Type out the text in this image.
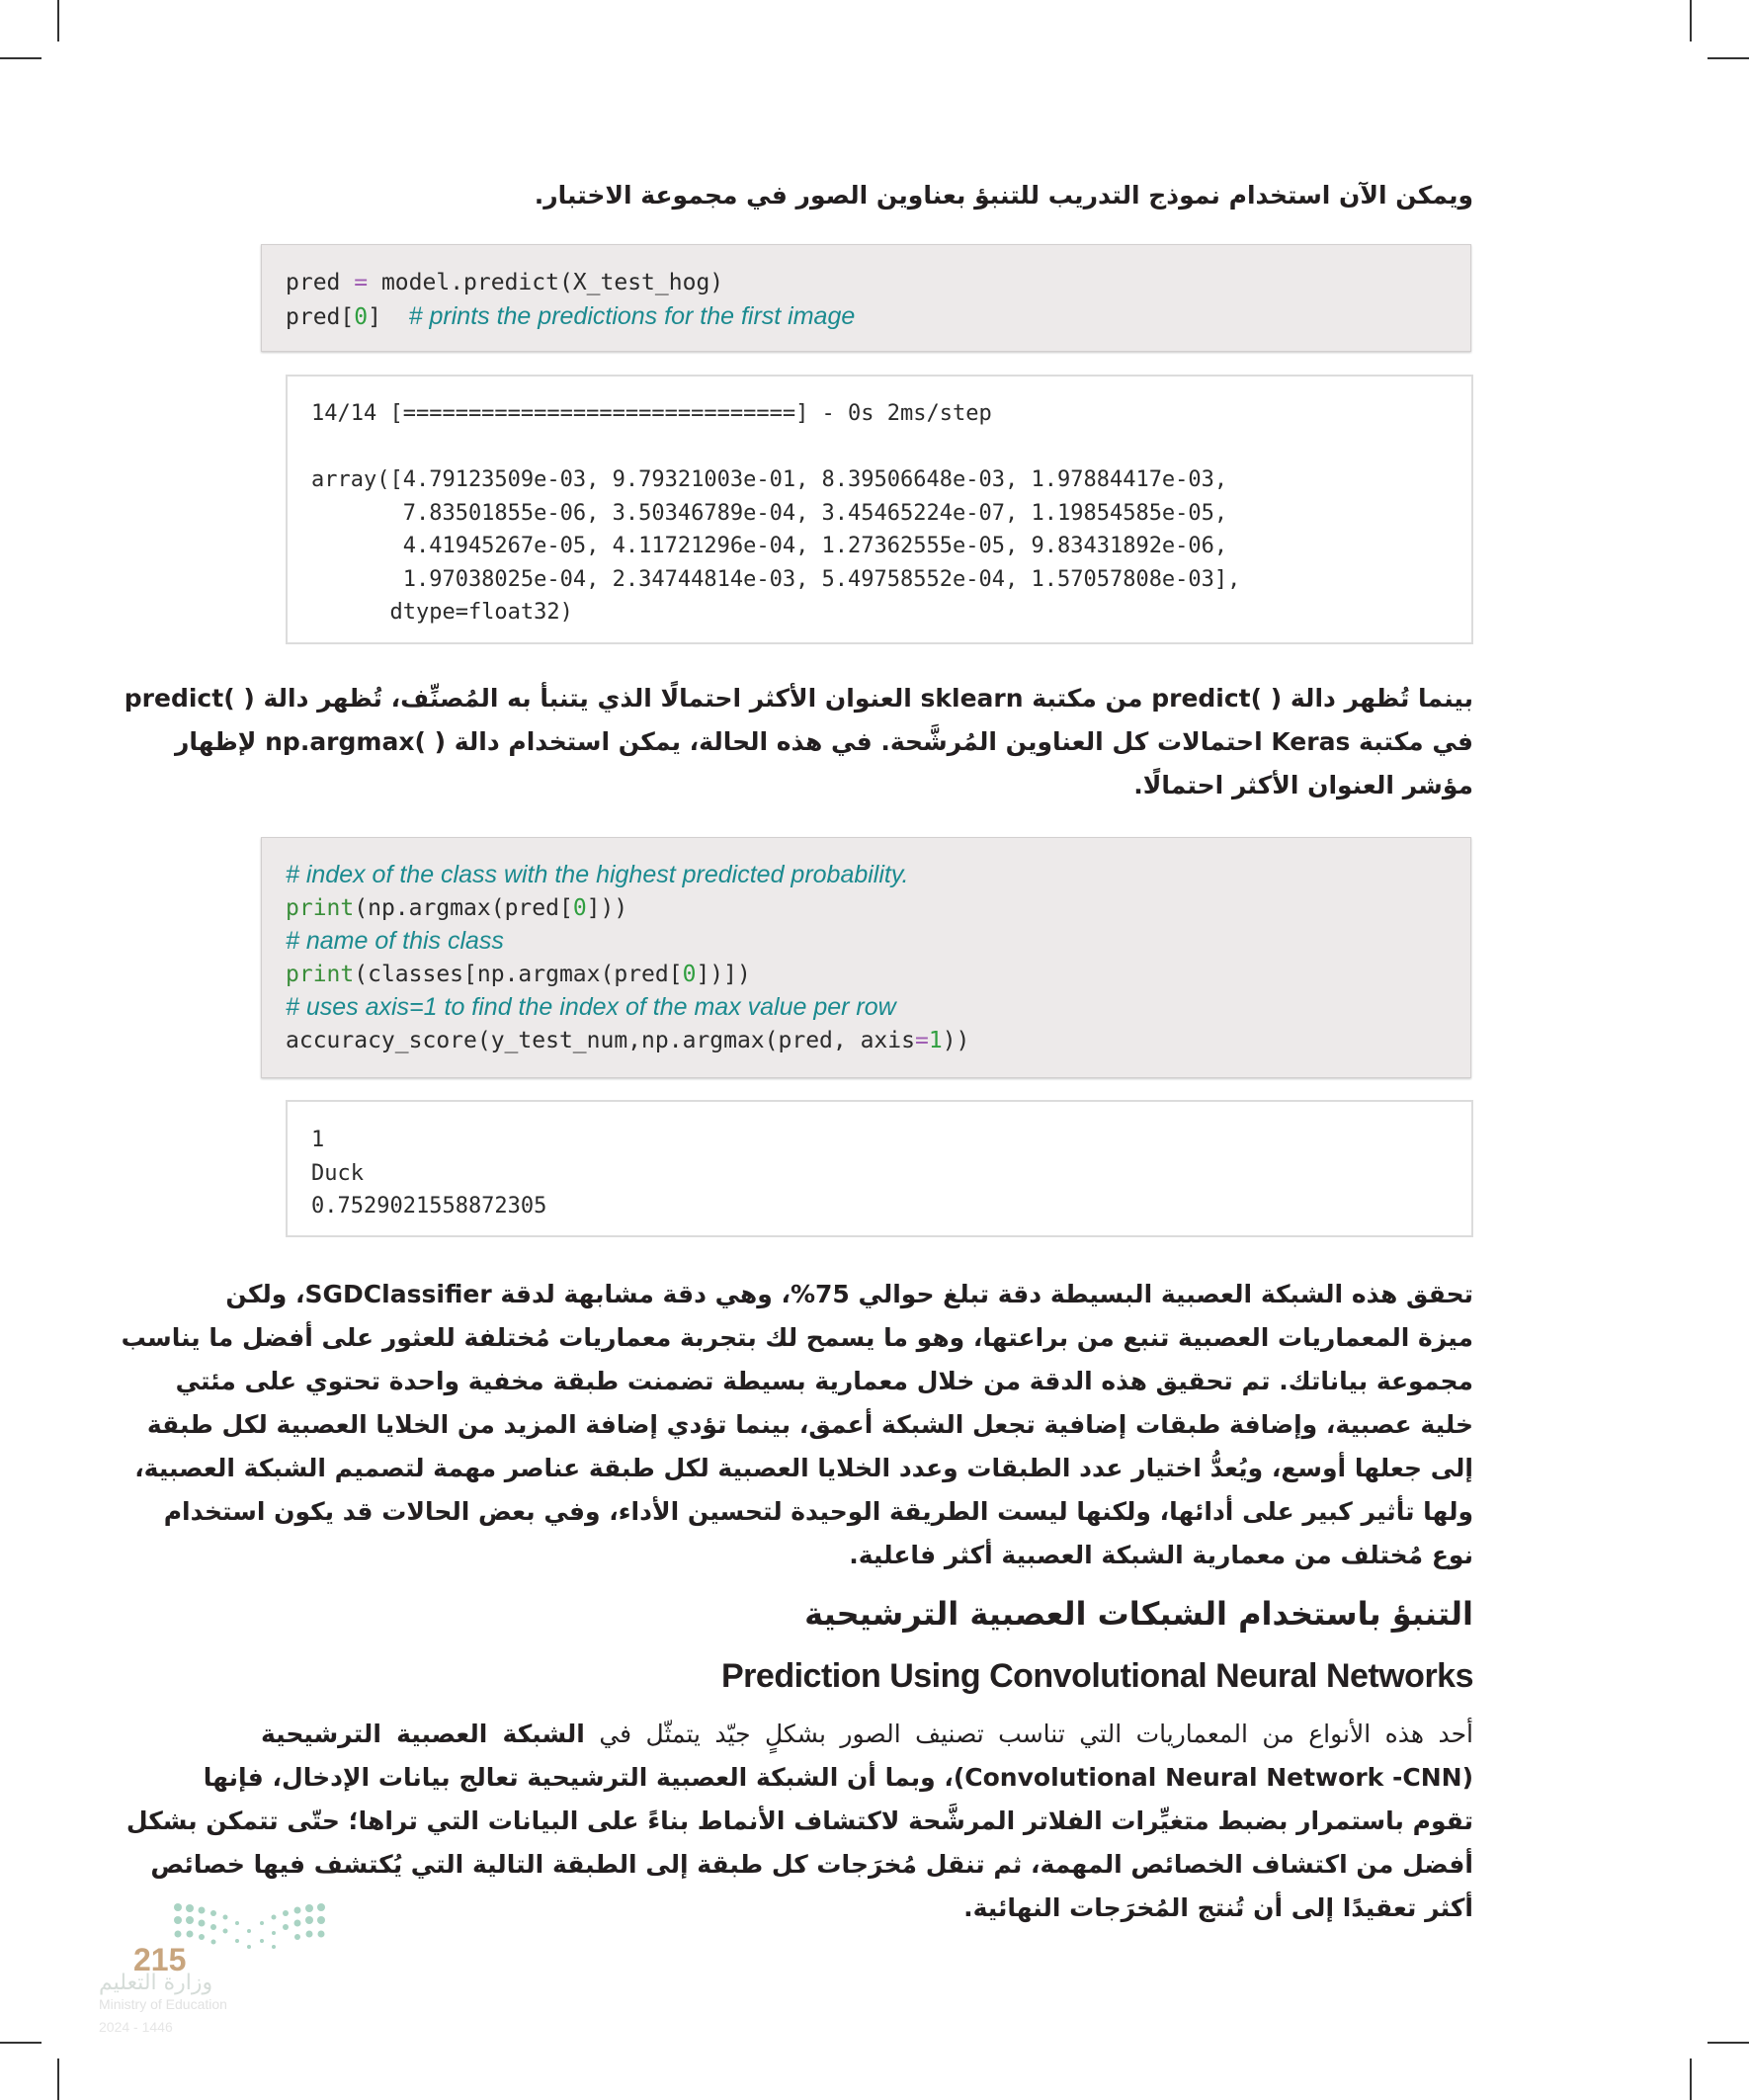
ويمكن الآن استخدام نموذج التدريب للتنبؤ بعناوين الصور في مجموعة الاختبار.
pred = model.predict(X_test_hog)
pred[0]  # prints the predictions for the first image
14/14 [==============================] - 0s 2ms/step
array([4.79123509e-03, 9.79321003e-01, 8.39506648e-03, 1.97884417e-03,
7.83501855e-06, 3.50346789e-04, 3.45465224e-07, 1.19854585e-05,
4.41945267e-05, 4.11721296e-04, 1.27362555e-05, 9.83431892e-06,
1.97038025e-04, 2.34744814e-03, 5.49758552e-04, 1.57057808e-03],
dtype=float32)
بينما تُظهر دالة ( )predict من مكتبة sklearn العنوان الأكثر احتمالًا الذي يتنبأ به المُصنِّف، تُظهر دالة ( )predict
في مكتبة Keras احتمالات كل العناوين المُرشَّحة. في هذه الحالة، يمكن استخدام دالة ( )np.argmax لإظهار
مؤشر العنوان الأكثر احتمالًا.
# index of the class with the highest predicted probability.
print(np.argmax(pred[0]))
# name of this class
print(classes[np.argmax(pred[0])])
# uses axis=1 to find the index of the max value per row
accuracy_score(y_test_num,np.argmax(pred, axis=1))
1
Duck
0.7529021558872305
تحقق هذه الشبكة العصبية البسيطة دقة تبلغ حوالي 75%، وهي دقة مشابهة لدقة SGDClassifier، ولكن
ميزة المعماريات العصبية تنبع من براعتها، وهو ما يسمح لك بتجربة معماريات مُختلفة للعثور على أفضل ما يناسب
مجموعة بياناتك. تم تحقيق هذه الدقة من خلال معمارية بسيطة تضمنت طبقة مخفية واحدة تحتوي على مئتي
خلية عصبية، وإضافة طبقات إضافية تجعل الشبكة أعمق، بينما تؤدي إضافة المزيد من الخلايا العصبية لكل طبقة
إلى جعلها أوسع، ويُعدُّ اختيار عدد الطبقات وعدد الخلايا العصبية لكل طبقة عناصر مهمة لتصميم الشبكة العصبية،
ولها تأثير كبير على أدائها، ولكنها ليست الطريقة الوحيدة لتحسين الأداء، وفي بعض الحالات قد يكون استخدام
نوع مُختلف من معمارية الشبكة العصبية أكثر فاعلية.
التنبؤ باستخدام الشبكات العصبية الترشيحية
Prediction Using Convolutional Neural Networks
أحد هذه الأنواع من المعماريات التي تناسب تصنيف الصور بشكلٍ جيّد يتمثّل في الشبكة العصبية الترشيحية
(Convolutional Neural Network -CNN)، وبما أن الشبكة العصبية الترشيحية تعالج بيانات الإدخال، فإنها
تقوم باستمرار بضبط متغيِّرات الفلاتر المرشَّحة لاكتشاف الأنماط بناءً على البيانات التي تراها؛ حتّى تتمكن بشكل
أفضل من اكتشاف الخصائص المهمة، ثم تنقل مُخرَجات كل طبقة إلى الطبقة التالية التي يُكتشف فيها خصائص
أكثر تعقيدًا إلى أن تُنتج المُخرَجات النهائية.
215
وزارة التعليم
Ministry of Education
2024 - 1446
